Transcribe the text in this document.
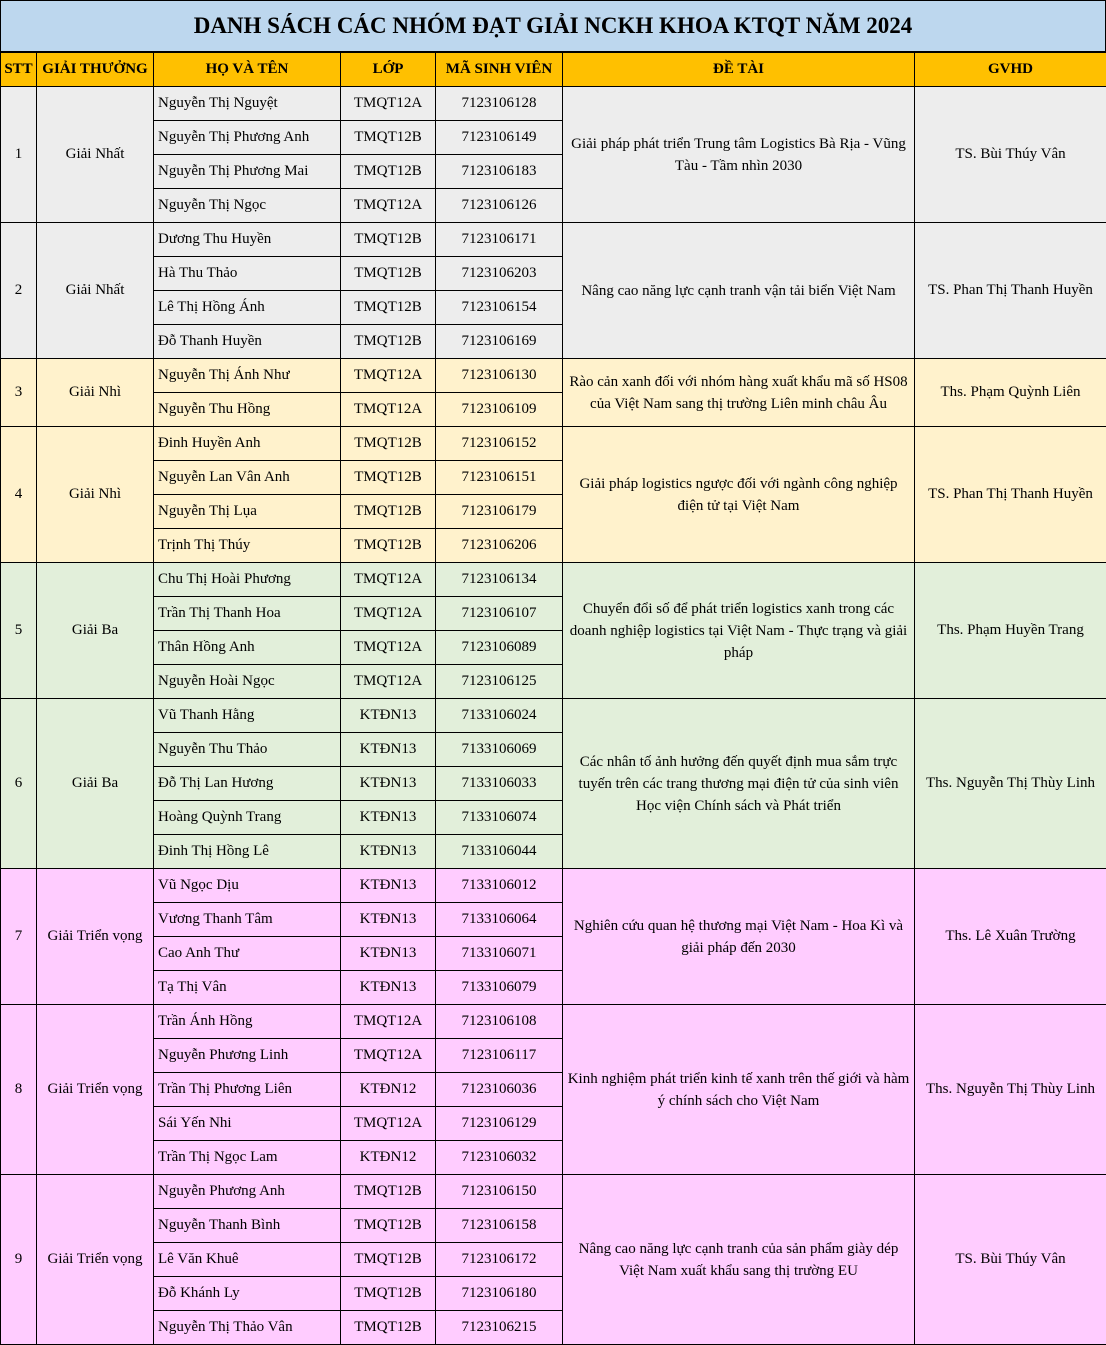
DANH SÁCH CÁC NHÓM ĐẠT GIẢI NCKH KHOA KTQT NĂM 2024
STT	GIẢI THƯỞNG	HỌ VÀ TÊN	LỚP	MÃ SINH VIÊN	ĐỀ TÀI	GVHD
1	Giải Nhất	Nguyễn Thị Nguyệt	TMQT12A	7123106128	Giải pháp phát triển Trung tâm Logistics Bà Rịa - Vũng Tàu - Tầm nhìn 2030	TS. Bùi Thúy Vân
		Nguyễn Thị Phương Anh	TMQT12B	7123106149		
		Nguyễn Thị Phương Mai	TMQT12B	7123106183		
		Nguyễn Thị Ngọc	TMQT12A	7123106126		
2	Giải Nhất	Dương Thu Huyền	TMQT12B	7123106171	Nâng cao năng lực cạnh tranh vận tải biển Việt Nam	TS. Phan Thị Thanh Huyền
		Hà Thu Thảo	TMQT12B	7123106203		
		Lê Thị Hồng Ánh	TMQT12B	7123106154		
		Đỗ Thanh Huyền	TMQT12B	7123106169		
3	Giải Nhì	Nguyễn Thị Ánh Như	TMQT12A	7123106130	Rào cản xanh đối với nhóm hàng xuất khẩu mã số HS08 của Việt Nam sang thị trường Liên minh châu Âu	Ths. Phạm Quỳnh Liên
		Nguyễn Thu Hồng	TMQT12A	7123106109		
4	Giải Nhì	Đinh Huyền Anh	TMQT12B	7123106152	Giải pháp logistics ngược đối với ngành công nghiệp điện tử tại Việt Nam	TS. Phan Thị Thanh Huyền
		Nguyễn Lan Vân Anh	TMQT12B	7123106151		
		Nguyễn Thị Lụa	TMQT12B	7123106179		
		Trịnh Thị Thúy	TMQT12B	7123106206		
5	Giải Ba	Chu Thị Hoài Phương	TMQT12A	7123106134	Chuyển đổi số để phát triển logistics xanh trong các doanh nghiệp logistics tại Việt Nam - Thực trạng và giải pháp	Ths. Phạm Huyền Trang
		Trần Thị Thanh Hoa	TMQT12A	7123106107		
		Thân Hồng Anh	TMQT12A	7123106089		
		Nguyễn Hoài Ngọc	TMQT12A	7123106125		
6	Giải Ba	Vũ Thanh Hằng	KTĐN13	7133106024	Các nhân tố ảnh hưởng đến quyết định mua sắm trực tuyến trên các trang thương mại điện tử của sinh viên Học viện Chính sách và Phát triển	Ths. Nguyễn Thị Thùy Linh
		Nguyễn Thu Thảo	KTĐN13	7133106069		
		Đỗ Thị Lan Hương	KTĐN13	7133106033		
		Hoàng Quỳnh Trang	KTĐN13	7133106074		
		Đinh Thị Hồng Lê	KTĐN13	7133106044		
7	Giải Triển vọng	Vũ Ngọc Dịu	KTĐN13	7133106012	Nghiên cứu quan hệ thương mại Việt Nam - Hoa Kì và giải pháp đến 2030	Ths. Lê Xuân Trường
		Vương Thanh Tâm	KTĐN13	7133106064		
		Cao Anh Thư	KTĐN13	7133106071		
		Tạ Thị Vân	KTĐN13	7133106079		
8	Giải Triển vọng	Trần Ánh Hồng	TMQT12A	7123106108	Kinh nghiệm phát triển kinh tế xanh trên thế giới và hàm ý chính sách cho Việt Nam	Ths. Nguyễn Thị Thùy Linh
		Nguyễn Phương Linh	TMQT12A	7123106117		
		Trần Thị Phương Liên	KTĐN12	7123106036		
		Sái Yến Nhi	TMQT12A	7123106129		
		Trần Thị Ngọc Lam	KTĐN12	7123106032		
9	Giải Triển vọng	Nguyễn Phương Anh	TMQT12B	7123106150	Nâng cao năng lực cạnh tranh của sản phẩm giày dép Việt Nam xuất khẩu sang thị trường EU	TS. Bùi Thúy Vân
		Nguyễn Thanh Bình	TMQT12B	7123106158		
		Lê Văn Khuê	TMQT12B	7123106172		
		Đỗ Khánh Ly	TMQT12B	7123106180		
		Nguyễn Thị Thảo Vân	TMQT12B	7123106215		
